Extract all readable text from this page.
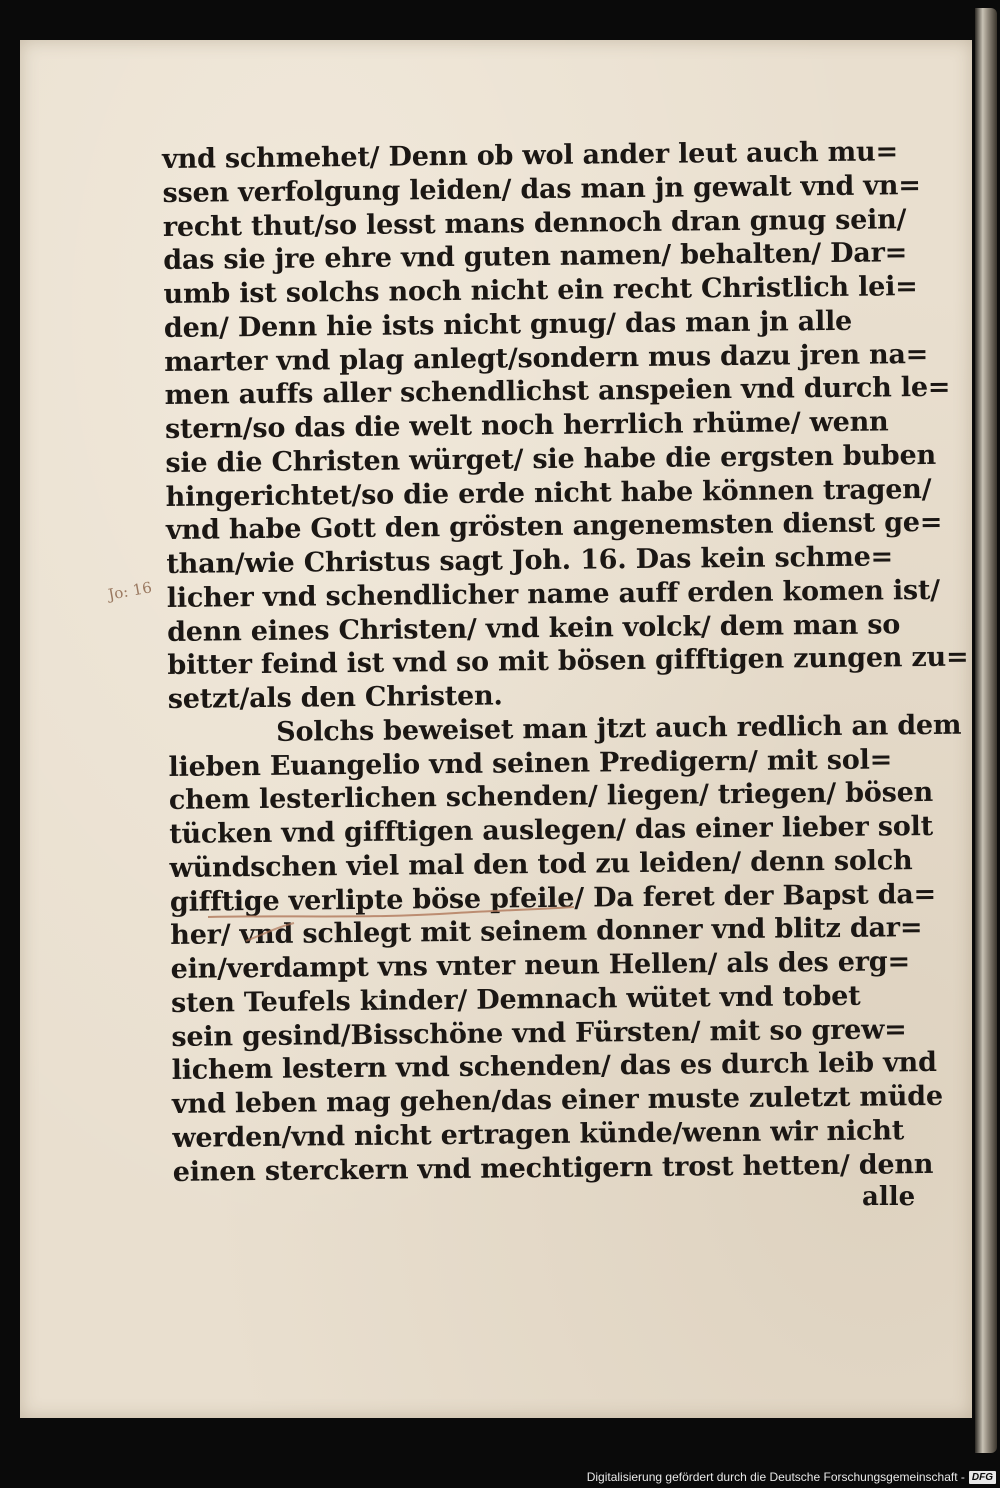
vnd schmehet/ Denn ob wol ander leut auch mu=
ssen verfolgung leiden/ das man jn gewalt vnd vn=
recht thut/so lesst mans dennoch dran gnug sein/
das sie jre ehre vnd guten namen/ behalten/ Dar=
umb ist solchs noch nicht ein recht Christlich lei=
den/ Denn hie ists nicht gnug/ das man jn alle
marter vnd plag anlegt/sondern mus dazu jren na=
men auffs aller schendlichst anspeien vnd durch le=
stern/so das die welt noch herrlich rhüme/ wenn
sie die Christen würget/ sie habe die ergsten buben
hingerichtet/so die erde nicht habe können tragen/
vnd habe Gott den grösten angenemsten dienst ge=
than/wie Christus sagt Joh. 16. Das kein schme=
licher vnd schendlicher name auff erden komen ist/
denn eines Christen/ vnd kein volck/ dem man so
bitter feind ist vnd so mit bösen gifftigen zungen zu=
setzt/als den Christen.
Solchs beweiset man jtzt auch redlich an dem
lieben Euangelio vnd seinen Predigern/ mit sol=
chem lesterlichen schenden/ liegen/ triegen/ bösen
tücken vnd gifftigen auslegen/ das einer lieber solt
wündschen viel mal den tod zu leiden/ denn solch
gifftige verlipte böse pfeile/ Da feret der Bapst da=
her/ vnd schlegt mit seinem donner vnd blitz dar=
ein/verdampt vns vnter neun Hellen/ als des erg=
sten Teufels kinder/ Demnach wütet vnd tobet
sein gesind/Bisschöne vnd Fürsten/ mit so grew=
lichem lestern vnd schenden/ das es durch leib vnd
vnd leben mag gehen/das einer muste zuletzt müde
werden/vnd nicht ertragen künde/wenn wir nicht
einen sterckern vnd mechtigern trost hetten/ denn
alle
Jo: 16
Digitalisierung gefördert durch die Deutsche Forschungsgemeinschaft - DFG
